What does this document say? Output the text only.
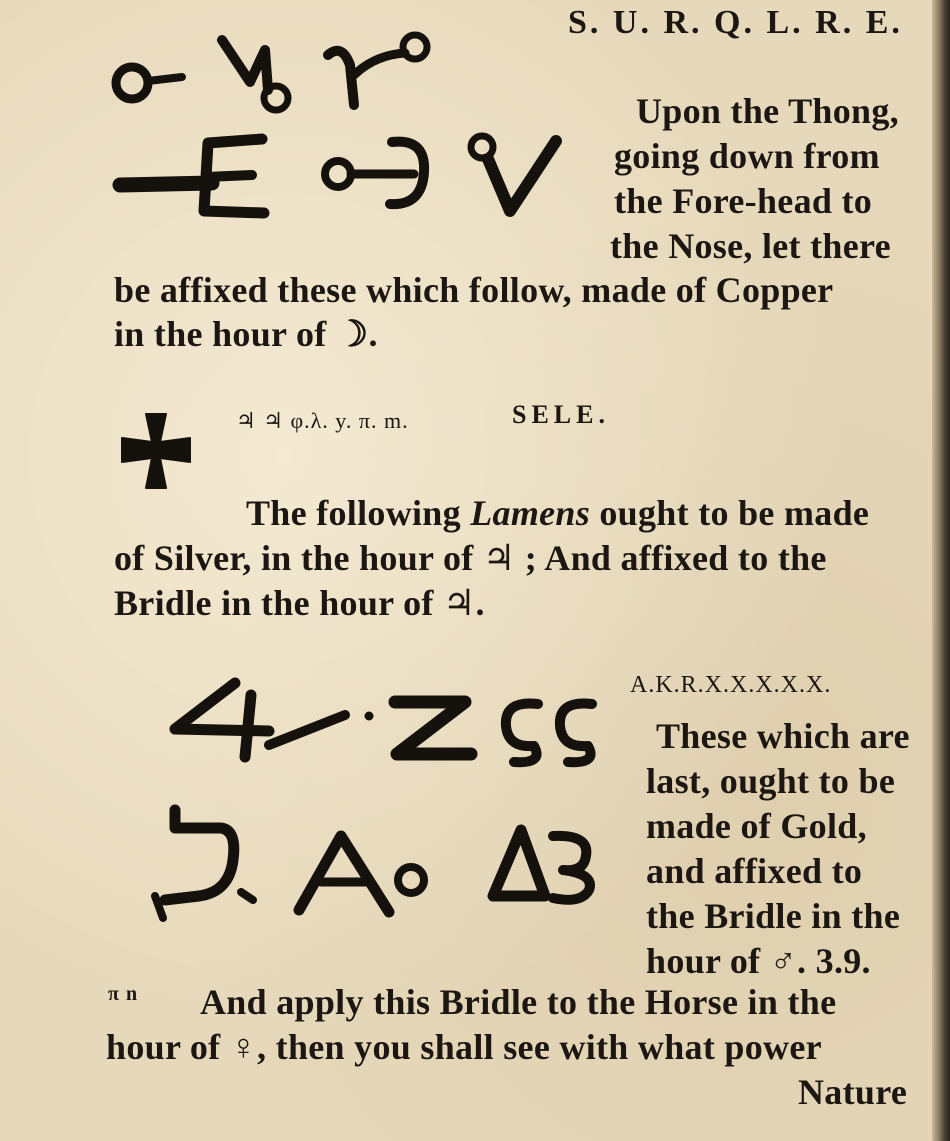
S. U. R. Q. L. R. E.
Upon the Thong,
going down from
the Fore-head to
the Nose, let there
be affixed these which follow, made of Copper
in the hour of ☽.
♃ ♃ φ.λ. y. π. m.	SELE.
The following Lamens ought to be made
of Silver, in the hour of ♃ ; And affixed to the
Bridle in the hour of ♃.
A.K.R.X.X.X.X.X.
These which are
last, ought to be
made of Gold,
and affixed to
the Bridle in the
hour of ♂. 3.9.
π n And apply this Bridle to the Horse in the
hour of ♀, then you shall see with what power
Nature
